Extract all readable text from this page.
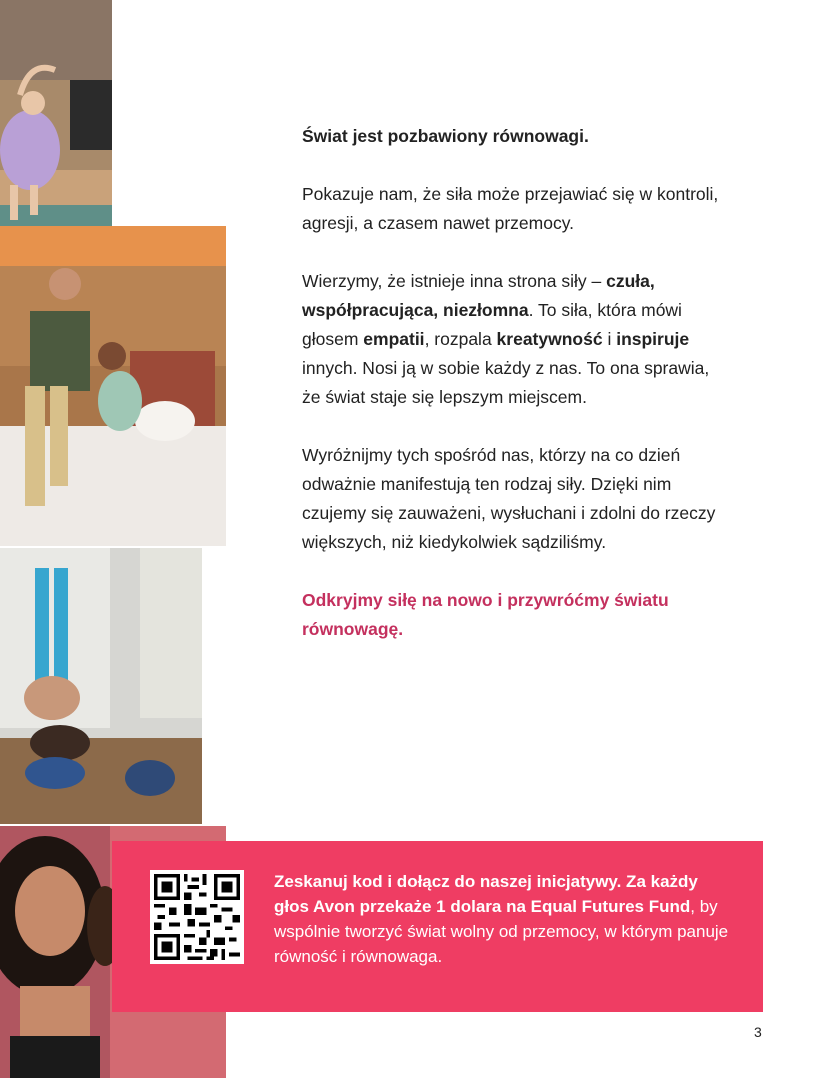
Świat jest pozbawiony równowagi.

Pokazuje nam, że siła może przejawiać się w kontroli, agresji, a czasem nawet przemocy.

Wierzymy, że istnieje inna strona siły – czuła, współpracująca, niezłomna. To siła, która mówi głosem empatii, rozpala kreatywność i inspiruje innych. Nosi ją w sobie każdy z nas. To ona sprawia, że świat staje się lepszym miejscem.

Wyróżnijmy tych spośród nas, którzy na co dzień odważnie manifestują ten rodzaj siły. Dzięki nim czujemy się zauważeni, wysłuchani i zdolni do rzeczy większych, niż kiedykolwiek sądziliśmy.

Odkryjmy siłę na nowo i przywróćmy światu równowagę.

Zeskanuj kod i dołącz do naszej inicjatywy. Za każdy głos Avon przekaże 1 dolara na Equal Futures Fund, by wspólnie tworzyć świat wolny od przemocy, w którym panuje równość i równowaga.
3
